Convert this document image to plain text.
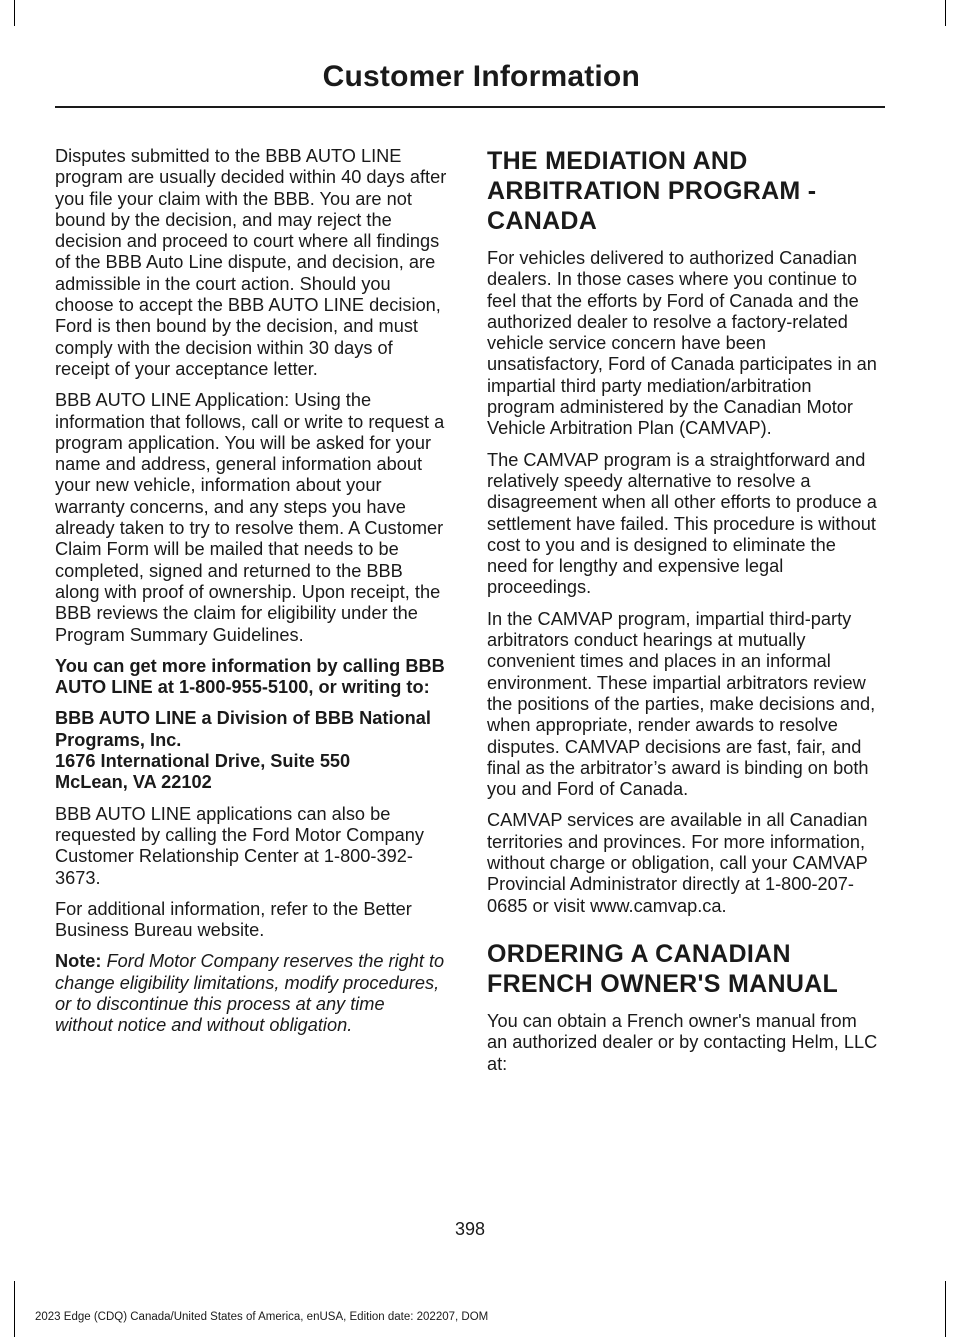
Customer Information

Disputes submitted to the BBB AUTO LINE program are usually decided within 40 days after you file your claim with the BBB. You are not bound by the decision, and may reject the decision and proceed to court where all findings of the BBB Auto Line dispute, and decision, are admissible in the court action. Should you choose to accept the BBB AUTO LINE decision, Ford is then bound by the decision, and must comply with the decision within 30 days of receipt of your acceptance letter.

BBB AUTO LINE Application: Using the information that follows, call or write to request a program application. You will be asked for your name and address, general information about your new vehicle, information about your warranty concerns, and any steps you have already taken to try to resolve them. A Customer Claim Form will be mailed that needs to be completed, signed and returned to the BBB along with proof of ownership. Upon receipt, the BBB reviews the claim for eligibility under the Program Summary Guidelines.

You can get more information by calling BBB AUTO LINE at 1-800-955-5100, or writing to:

BBB AUTO LINE a Division of BBB National Programs, Inc.

1676 International Drive, Suite 550

McLean, VA 22102

BBB AUTO LINE applications can also be requested by calling the Ford Motor Company Customer Relationship Center at 1-800-392-3673.

For additional information, refer to the Better Business Bureau website.

Note: Ford Motor Company reserves the right to change eligibility limitations, modify procedures, or to discontinue this process at any time without notice and without obligation.

THE MEDIATION AND
ARBITRATION PROGRAM -
CANADA

For vehicles delivered to authorized Canadian dealers. In those cases where you continue to feel that the efforts by Ford of Canada and the authorized dealer to resolve a factory-related vehicle service concern have been unsatisfactory, Ford of Canada participates in an impartial third party mediation/arbitration program administered by the Canadian Motor Vehicle Arbitration Plan (CAMVAP).

The CAMVAP program is a straightforward and relatively speedy alternative to resolve a disagreement when all other efforts to produce a settlement have failed. This procedure is without cost to you and is designed to eliminate the need for lengthy and expensive legal proceedings.

In the CAMVAP program, impartial third-party arbitrators conduct hearings at mutually convenient times and places in an informal environment. These impartial arbitrators review the positions of the parties, make decisions and, when appropriate, render awards to resolve disputes. CAMVAP decisions are fast, fair, and final as the arbitrator’s award is binding on both you and Ford of Canada.

CAMVAP services are available in all Canadian territories and provinces. For more information, without charge or obligation, call your CAMVAP Provincial Administrator directly at 1-800-207-0685 or visit www.camvap.ca.

ORDERING A CANADIAN
FRENCH OWNER'S MANUAL

You can obtain a French owner's manual from an authorized dealer or by contacting Helm, LLC at:

398
2023 Edge (CDQ) Canada/United States of America, enUSA, Edition date: 202207, DOM
